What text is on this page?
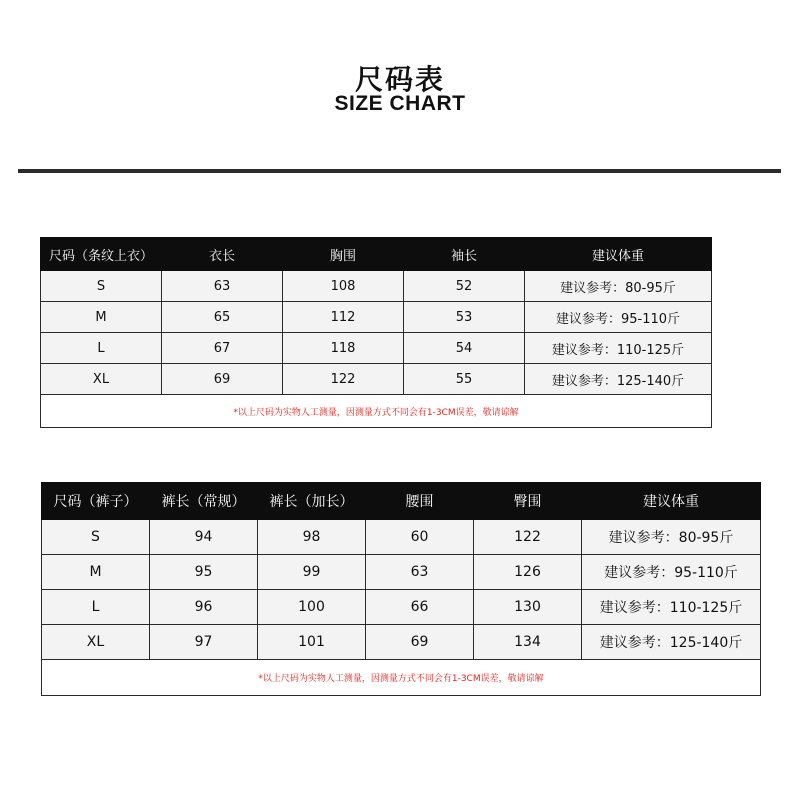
尺码表
SIZE CHART
尺码（条纹上衣）	衣长	胸围	袖长	建议体重
S	63	108	52	建议参考：80-95斤
M	65	112	53	建议参考：95-110斤
L	67	118	54	建议参考：110-125斤
XL	69	122	55	建议参考：125-140斤
*以上尺码为实物人工测量，因测量方式不同会有1-3CM误差，敬请谅解				
尺码（裤子）	裤长（常规）	裤长（加长）	腰围	臀围	建议体重
S	94	98	60	122	建议参考：80-95斤
M	95	99	63	126	建议参考：95-110斤
L	96	100	66	130	建议参考：110-125斤
XL	97	101	69	134	建议参考：125-140斤
*以上尺码为实物人工测量，因测量方式不同会有1-3CM误差，敬请谅解					
